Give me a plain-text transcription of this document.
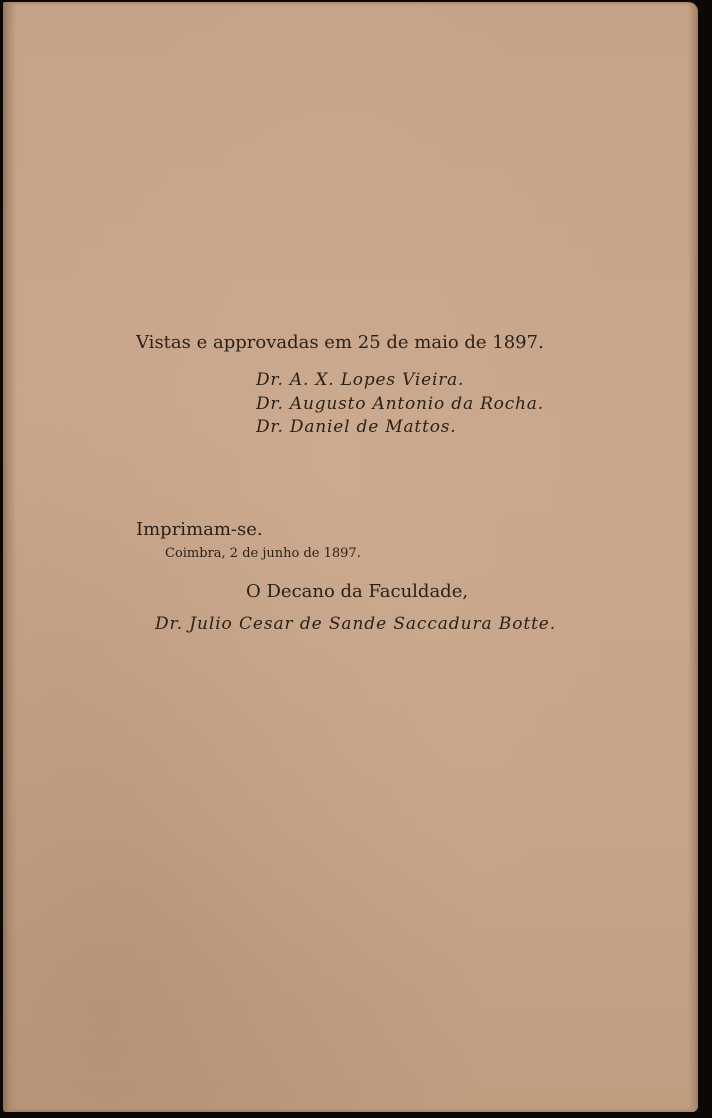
Vistas e approvadas em 25 de maio de 1897.
Dr. A. X. Lopes Vieira.
Dr. Augusto Antonio da Rocha.
Dr. Daniel de Mattos.
Imprimam-se.
Coimbra, 2 de junho de 1897.
O Decano da Faculdade,
Dr. Julio Cesar de Sande Saccadura Botte.
